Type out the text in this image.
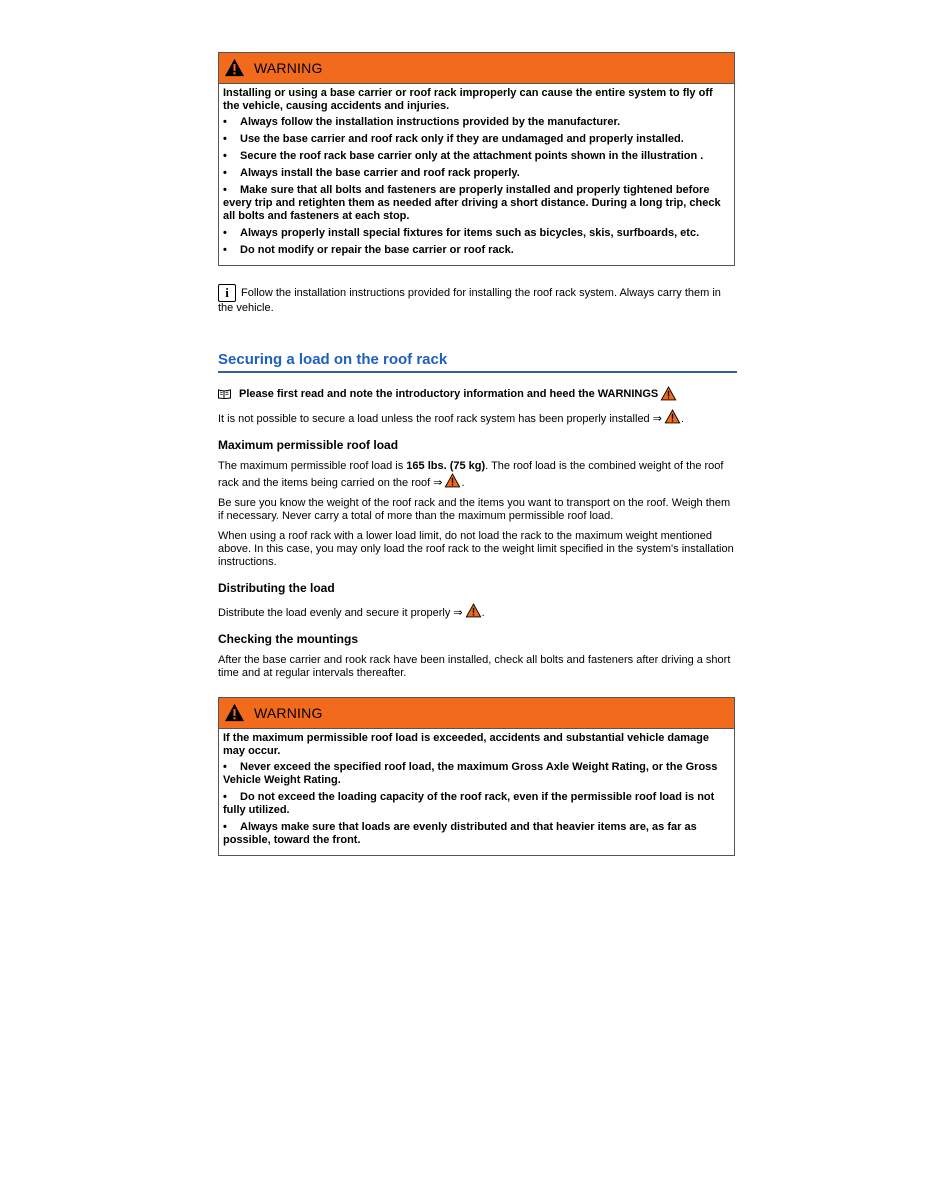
WARNING

Installing or using a base carrier or roof rack improperly can cause the entire system to fly off the vehicle, causing accidents and injuries.

• Always follow the installation instructions provided by the manufacturer.
• Use the base carrier and roof rack only if they are undamaged and properly installed.
• Secure the roof rack base carrier only at the attachment points shown in the illustration .
• Always install the base carrier and roof rack properly.
• Make sure that all bolts and fasteners are properly installed and properly tightened before every trip and retighten them as needed after driving a short distance. During a long trip, check all bolts and fasteners at each stop.
• Always properly install special fixtures for items such as bicycles, skis, surfboards, etc.
• Do not modify or repair the base carrier or roof rack.
i Follow the installation instructions provided for installing the roof rack system. Always carry them in the vehicle.
Securing a load on the roof rack
Please first read and note the introductory information and heed the WARNINGS

It is not possible to secure a load unless the roof rack system has been properly installed ⇒ .

Maximum permissible roof load

The maximum permissible roof load is 165 lbs. (75 kg). The roof load is the combined weight of the roof rack and the items being carried on the roof ⇒ .

Be sure you know the weight of the roof rack and the items you want to transport on the roof. Weigh them if necessary. Never carry a total of more than the maximum permissible roof load.

When using a roof rack with a lower load limit, do not load the rack to the maximum weight mentioned above. In this case, you may only load the roof rack to the weight limit specified in the system's installation instructions.

Distributing the load

Distribute the load evenly and secure it properly ⇒ .

Checking the mountings

After the base carrier and rook rack have been installed, check all bolts and fasteners after driving a short time and at regular intervals thereafter.

WARNING

If the maximum permissible roof load is exceeded, accidents and substantial vehicle damage may occur.

• Never exceed the specified roof load, the maximum Gross Axle Weight Rating, or the Gross Vehicle Weight Rating.
• Do not exceed the loading capacity of the roof rack, even if the permissible roof load is not fully utilized.
• Always make sure that loads are evenly distributed and that heavier items are, as far as possible, toward the front.
